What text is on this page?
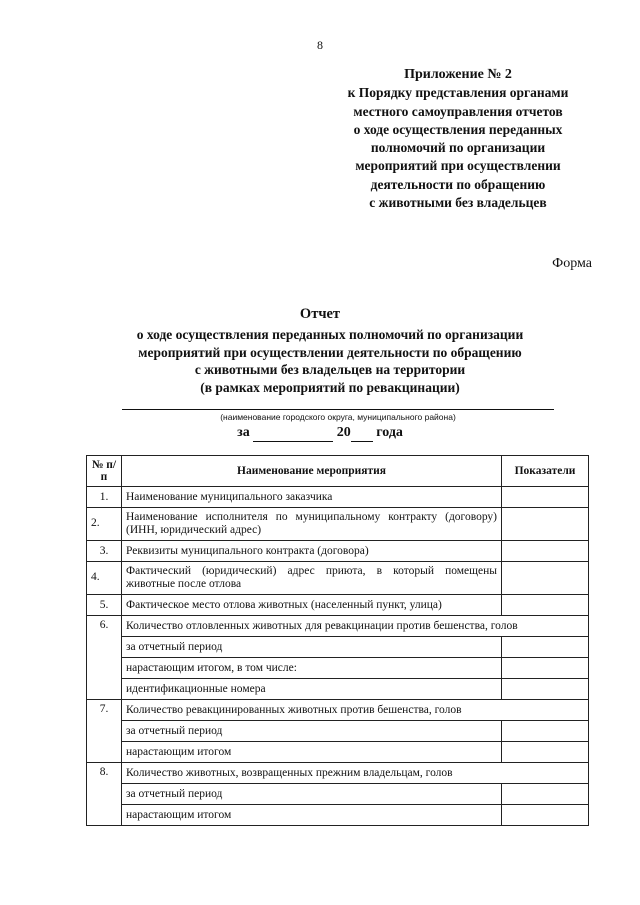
8
Приложение № 2
к Порядку представления органами
местного самоуправления отчетов
о ходе осуществления переданных
полномочий по организации
мероприятий при осуществлении
деятельности по обращению
с животными без владельцев
Форма
Отчет
о ходе осуществления переданных полномочий по организации
мероприятий при осуществлении деятельности по обращению
с животными без владельцев на территории
(в рамках мероприятий по ревакцинации)
(наименование городского округа, муниципального района)
за	20 года
№ п/п	Наименование мероприятия	Показатели
1.	Наименование муниципального заказчика	
2.	Наименование исполнителя по муниципальному контракту (договору) (ИНН, юридический адрес)	
3.	Реквизиты муниципального контракта (договора)	
4.	Фактический (юридический) адрес приюта, в который помещены животные после отлова	
5.	Фактическое место отлова животных (населенный пункт, улица)	
6.	Количество отловленных животных для ревакцинации против бешенства, голов	
	за отчетный период	
	нарастающим итогом, в том числе:	
	идентификационные номера	
7.	Количество ревакцинированных животных против бешенства, голов	
	за отчетный период	
	нарастающим итогом	
8.	Количество животных, возвращенных прежним владельцам, голов	
	за отчетный период	
	нарастающим итогом	
